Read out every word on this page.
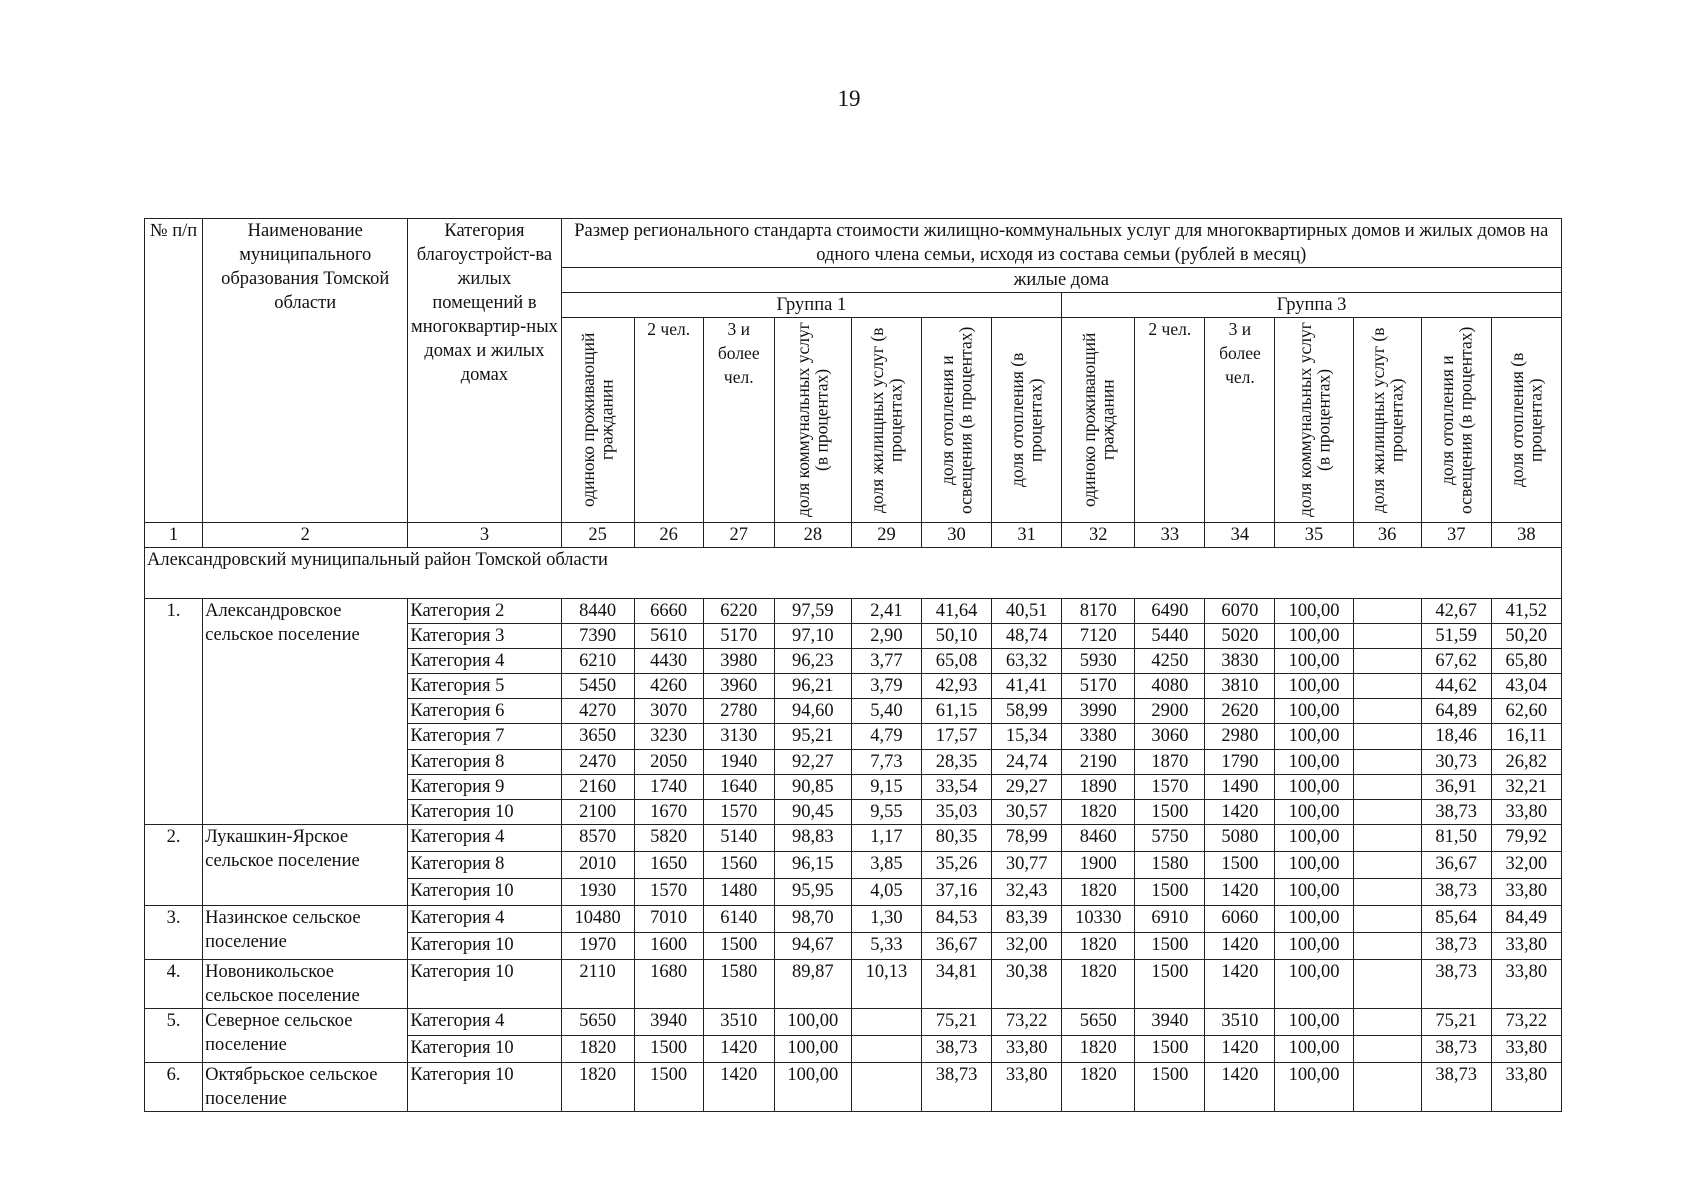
19
№ п/п	Наименование муниципального образования Томской области	Категория благоустройст-ва жилых помещений в многоквартир-ных домах и жилых домах	Размер регионального стандарта стоимости жилищно-коммунальных услуг для многоквартирных домов и жилых домов на одного члена семьи, исходя из состава семьи (рублей в месяц)													
			жилые дома													
			Группа 1							Группа 3						

			одиноко проживающий гражданин	2 чел.	3 и более чел.	доля коммунальных услуг (в процентах)	доля жилищных услуг (в процентах)	доля отопления и освещения (в процентах)	доля отопления (в процентах)	одиноко проживающий гражданин	2 чел.	3 и более чел.	доля коммунальных услуг (в процентах)	доля жилищных услуг (в процентах)	доля отопления и освещения (в процентах)	доля отопления (в процентах)

1	2	3	25	26	27	28	29	30	31	32	33	34	35	36	37	38
Александровский муниципальный район Томской области																
1.	Александровское сельское поселение	Категория 2	8440	6660	6220	97,59	2,41	41,64	40,51	8170	6490	6070	100,00		42,67	41,52
		Категория 3	7390	5610	5170	97,10	2,90	50,10	48,74	7120	5440	5020	100,00		51,59	50,20
		Категория 4	6210	4430	3980	96,23	3,77	65,08	63,32	5930	4250	3830	100,00		67,62	65,80
		Категория 5	5450	4260	3960	96,21	3,79	42,93	41,41	5170	4080	3810	100,00		44,62	43,04
		Категория 6	4270	3070	2780	94,60	5,40	61,15	58,99	3990	2900	2620	100,00		64,89	62,60
		Категория 7	3650	3230	3130	95,21	4,79	17,57	15,34	3380	3060	2980	100,00		18,46	16,11
		Категория 8	2470	2050	1940	92,27	7,73	28,35	24,74	2190	1870	1790	100,00		30,73	26,82
		Категория 9	2160	1740	1640	90,85	9,15	33,54	29,27	1890	1570	1490	100,00		36,91	32,21
		Категория 10	2100	1670	1570	90,45	9,55	35,03	30,57	1820	1500	1420	100,00		38,73	33,80
2.	Лукашкин-Ярское сельское поселение	Категория 4	8570	5820	5140	98,83	1,17	80,35	78,99	8460	5750	5080	100,00		81,50	79,92
		Категория 8	2010	1650	1560	96,15	3,85	35,26	30,77	1900	1580	1500	100,00		36,67	32,00
		Категория 10	1930	1570	1480	95,95	4,05	37,16	32,43	1820	1500	1420	100,00		38,73	33,80
3.	Назинское сельское поселение	Категория 4	10480	7010	6140	98,70	1,30	84,53	83,39	10330	6910	6060	100,00		85,64	84,49
		Категория 10	1970	1600	1500	94,67	5,33	36,67	32,00	1820	1500	1420	100,00		38,73	33,80
4.	Новоникольское сельское поселение	Категория 10	2110	1680	1580	89,87	10,13	34,81	30,38	1820	1500	1420	100,00		38,73	33,80
5.	Северное сельское поселение	Категория 4	5650	3940	3510	100,00		75,21	73,22	5650	3940	3510	100,00		75,21	73,22
		Категория 10	1820	1500	1420	100,00		38,73	33,80	1820	1500	1420	100,00		38,73	33,80
6.	Октябрьское сельское поселение	Категория 10	1820	1500	1420	100,00		38,73	33,80	1820	1500	1420	100,00		38,73	33,80
